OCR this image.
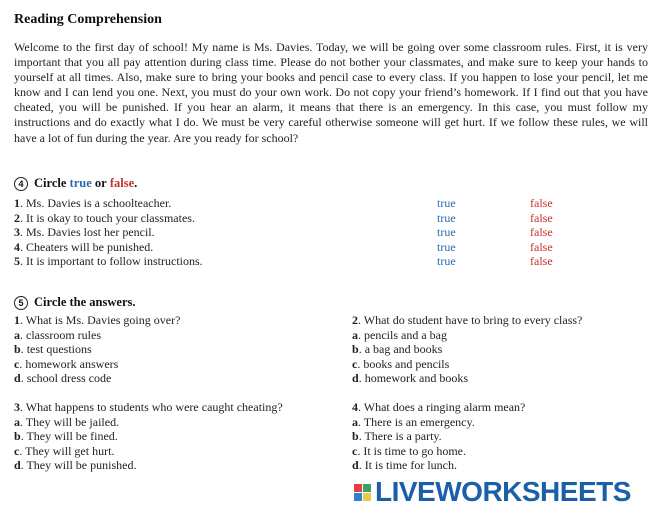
Reading Comprehension
Welcome to the first day of school! My name is Ms. Davies. Today, we will be going over some classroom rules. First, it is very important that you all pay attention during class time. Please do not bother your classmates, and make sure to keep your hands to yourself at all times. Also, make sure to bring your books and pencil case to every class. If you happen to lose your pencil, let me know and I can lend you one. Next, you must do your own work. Do not copy your friend’s homework. If I find out that you have cheated, you will be punished. If you hear an alarm, it means that there is an emergency. In this case, you must follow my instructions and do exactly what I do. We must be very careful otherwise someone will get hurt. If we follow these rules, we will have a lot of fun during the year. Are you ready for school?
4 Circle
true
or
false .
1. Ms. Davies is a schoolteacher.	true	false
2. It is okay to touch your classmates.	true	false
3. Ms. Davies lost her pencil.	true	false
4. Cheaters will be punished.	true	false
5. It is important to follow instructions.	true	false
5 Circle the answers.
1. What is Ms. Davies going over?
a. classroom rules
b. test questions
c. homework answers
d. school dress code
2. What do student have to bring to every class?
a. pencils and a bag
b. a bag and books
c. books and pencils
d. homework and books
3. What happens to students who were caught cheating?
a. They will be jailed.
b. They will be fined.
c. They will get hurt.
d. They will be punished.
4. What does a ringing alarm mean?
a. There is an emergency.
b. There is a party.
c. It is time to go home.
d. It is time for lunch.
LIVEWORKSHEETS
